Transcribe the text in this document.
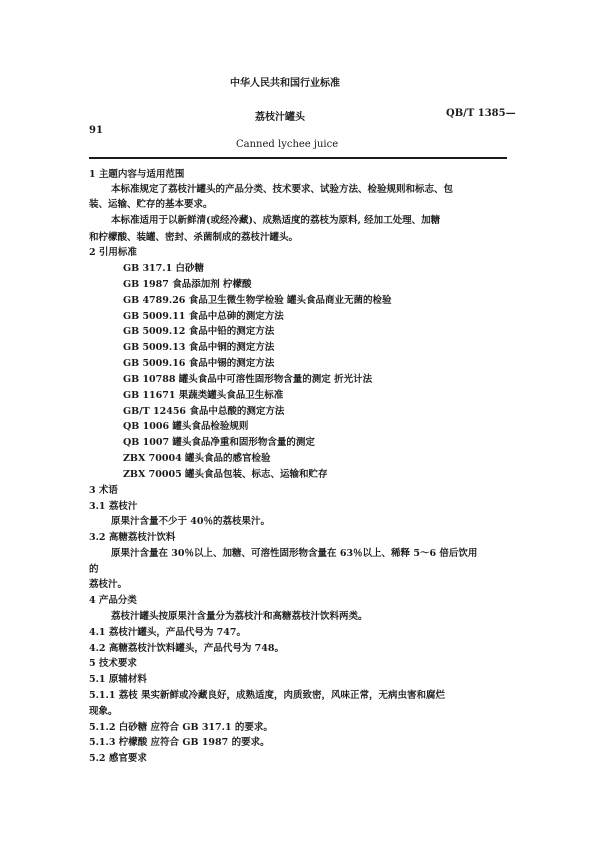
中华人民共和国行业标准
荔枝汁罐头	QB/T 1385—
91
Canned lychee juice
1 主题内容与适用范围
本标准规定了荔枝汁罐头的产品分类、技术要求、试验方法、检验规则和标志、包
装、运输、贮存的基本要求。
本标准适用于以新鲜清(或经冷藏)、成熟适度的荔枝为原料, 经加工处理、加糖
和柠檬酸、装罐、密封、杀菌制成的荔枝汁罐头。
2 引用标准
GB 317.1 白砂糖
GB 1987 食品添加剂 柠檬酸
GB 4789.26 食品卫生微生物学检验 罐头食品商业无菌的检验
GB 5009.11 食品中总砷的测定方法
GB 5009.12 食品中铅的测定方法
GB 5009.13 食品中铜的测定方法
GB 5009.16 食品中锡的测定方法
GB 10788 罐头食品中可溶性固形物含量的测定 折光计法
GB 11671 果蔬类罐头食品卫生标准
GB/T 12456 食品中总酸的测定方法
QB 1006 罐头食品检验规则
QB 1007 罐头食品净重和固形物含量的测定
ZBX 70004 罐头食品的感官检验
ZBX 70005 罐头食品包装、标志、运输和贮存
3 术语
3.1 荔枝汁
原果汁含量不少于 40％的荔枝果汁。
3.2 高糖荔枝汁饮料
原果汁含量在 30％以上、加糖、可溶性固形物含量在 63％以上、稀释 5～6 倍后饮用
的
荔枝汁。
4 产品分类
荔枝汁罐头按原果汁含量分为荔枝汁和高糖荔枝汁饮料两类。
4.1 荔枝汁罐头，产品代号为 747。
4.2 高糖荔枝汁饮料罐头，产品代号为 748。
5 技术要求
5.1 原辅材料
5.1.1 荔枝 果实新鲜或冷藏良好，成熟适度，肉质致密，风味正常，无病虫害和腐烂
现象。
5.1.2 白砂糖 应符合 GB 317.1 的要求。
5.1.3 柠檬酸 应符合 GB 1987 的要求。
5.2 感官要求
